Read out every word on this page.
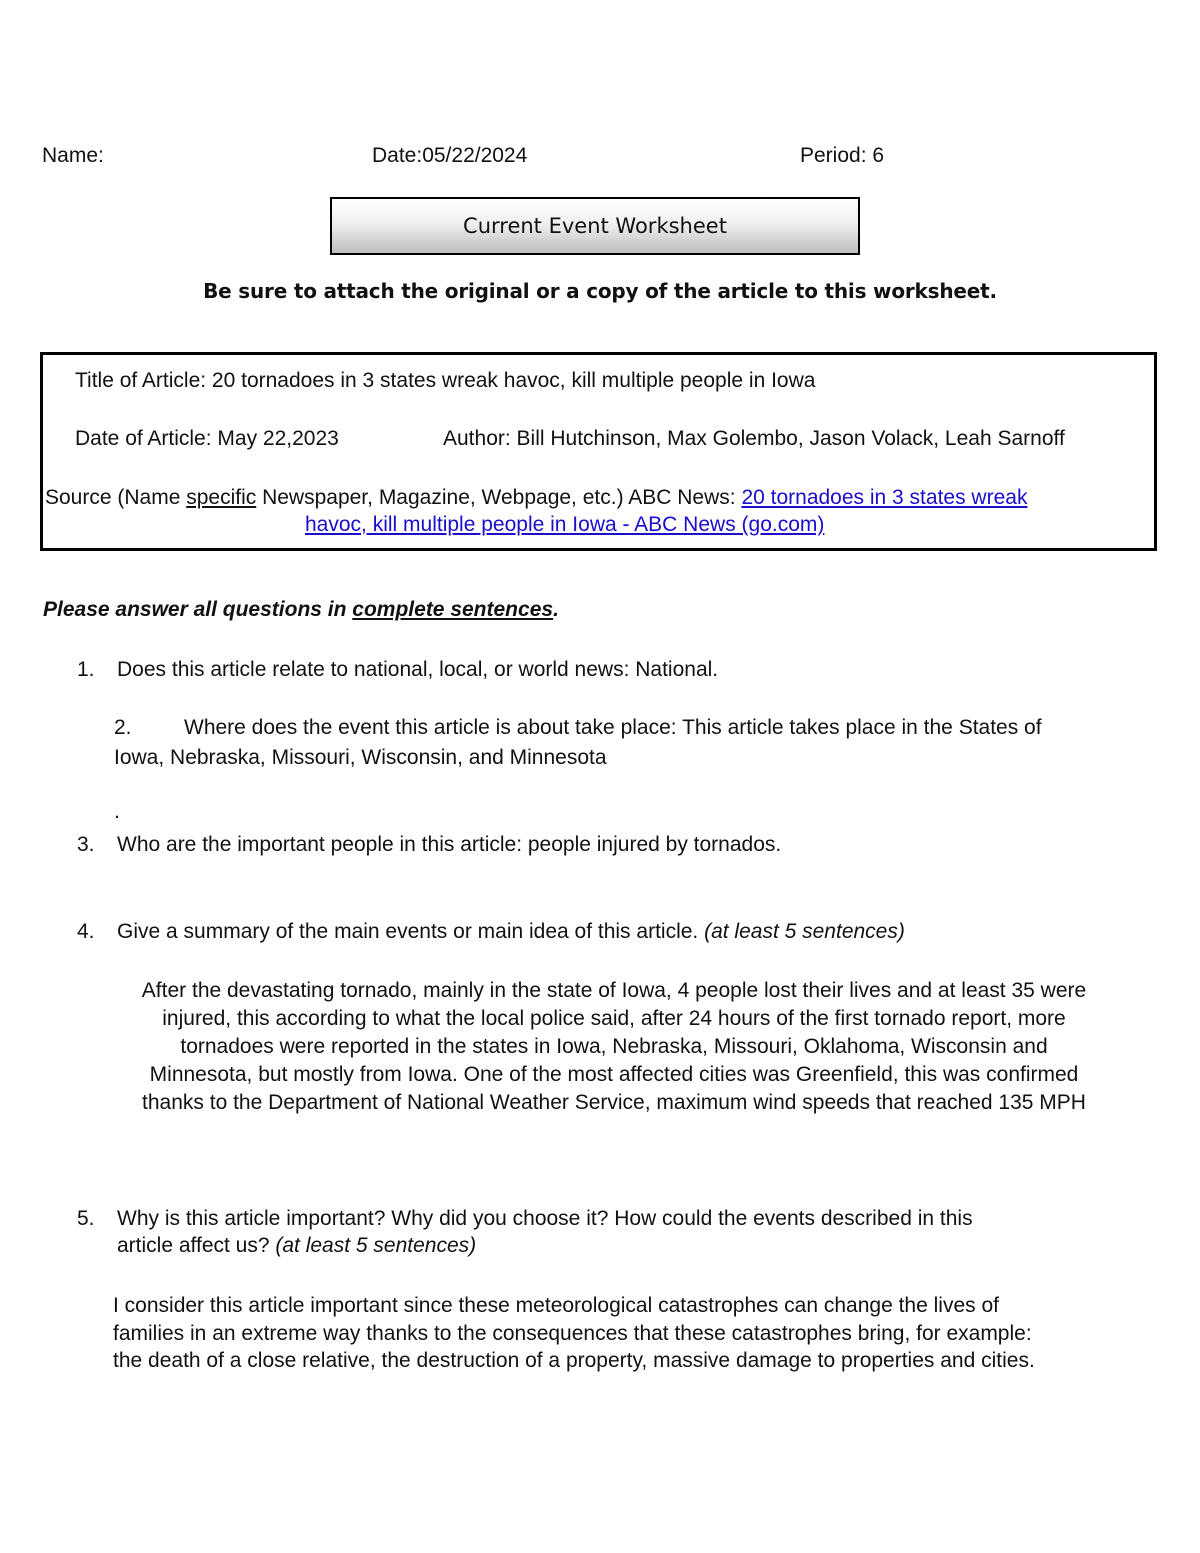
Name:	Date:05/22/2024	Period: 6
Current Event Worksheet
Be sure to attach the original or a copy of the article to this worksheet.
Title of Article: 20 tornadoes in 3 states wreak havoc, kill multiple people in Iowa
Date of Article: May 22,2023	Author: Bill Hutchinson, Max Golembo, Jason Volack, Leah Sarnoff
Source (Name specific Newspaper, Magazine, Webpage, etc.) ABC News: 20 tornadoes in 3 states wreak
havoc, kill multiple people in Iowa - ABC News (go.com)
Please answer all questions in complete sentences.
1. Does this article relate to national, local, or world news: National.
2. Where does the event this article is about take place: This article takes place in the States of
Iowa, Nebraska, Missouri, Wisconsin, and Minnesota
.
3. Who are the important people in this article: people injured by tornados.
4. Give a summary of the main events or main idea of this article. (at least 5 sentences)
After the devastating tornado, mainly in the state of Iowa, 4 people lost their lives and at least 35 were
injured, this according to what the local police said, after 24 hours of the first tornado report, more
tornadoes were reported in the states in Iowa, Nebraska, Missouri, Oklahoma, Wisconsin and
Minnesota, but mostly from Iowa. One of the most affected cities was Greenfield, this was confirmed
thanks to the Department of National Weather Service, maximum wind speeds that reached 135 MPH
5. Why is this article important? Why did you choose it? How could the events described in this
article affect us? (at least 5 sentences)
I consider this article important since these meteorological catastrophes can change the lives of
families in an extreme way thanks to the consequences that these catastrophes bring, for example:
the death of a close relative, the destruction of a property, massive damage to properties and cities.
